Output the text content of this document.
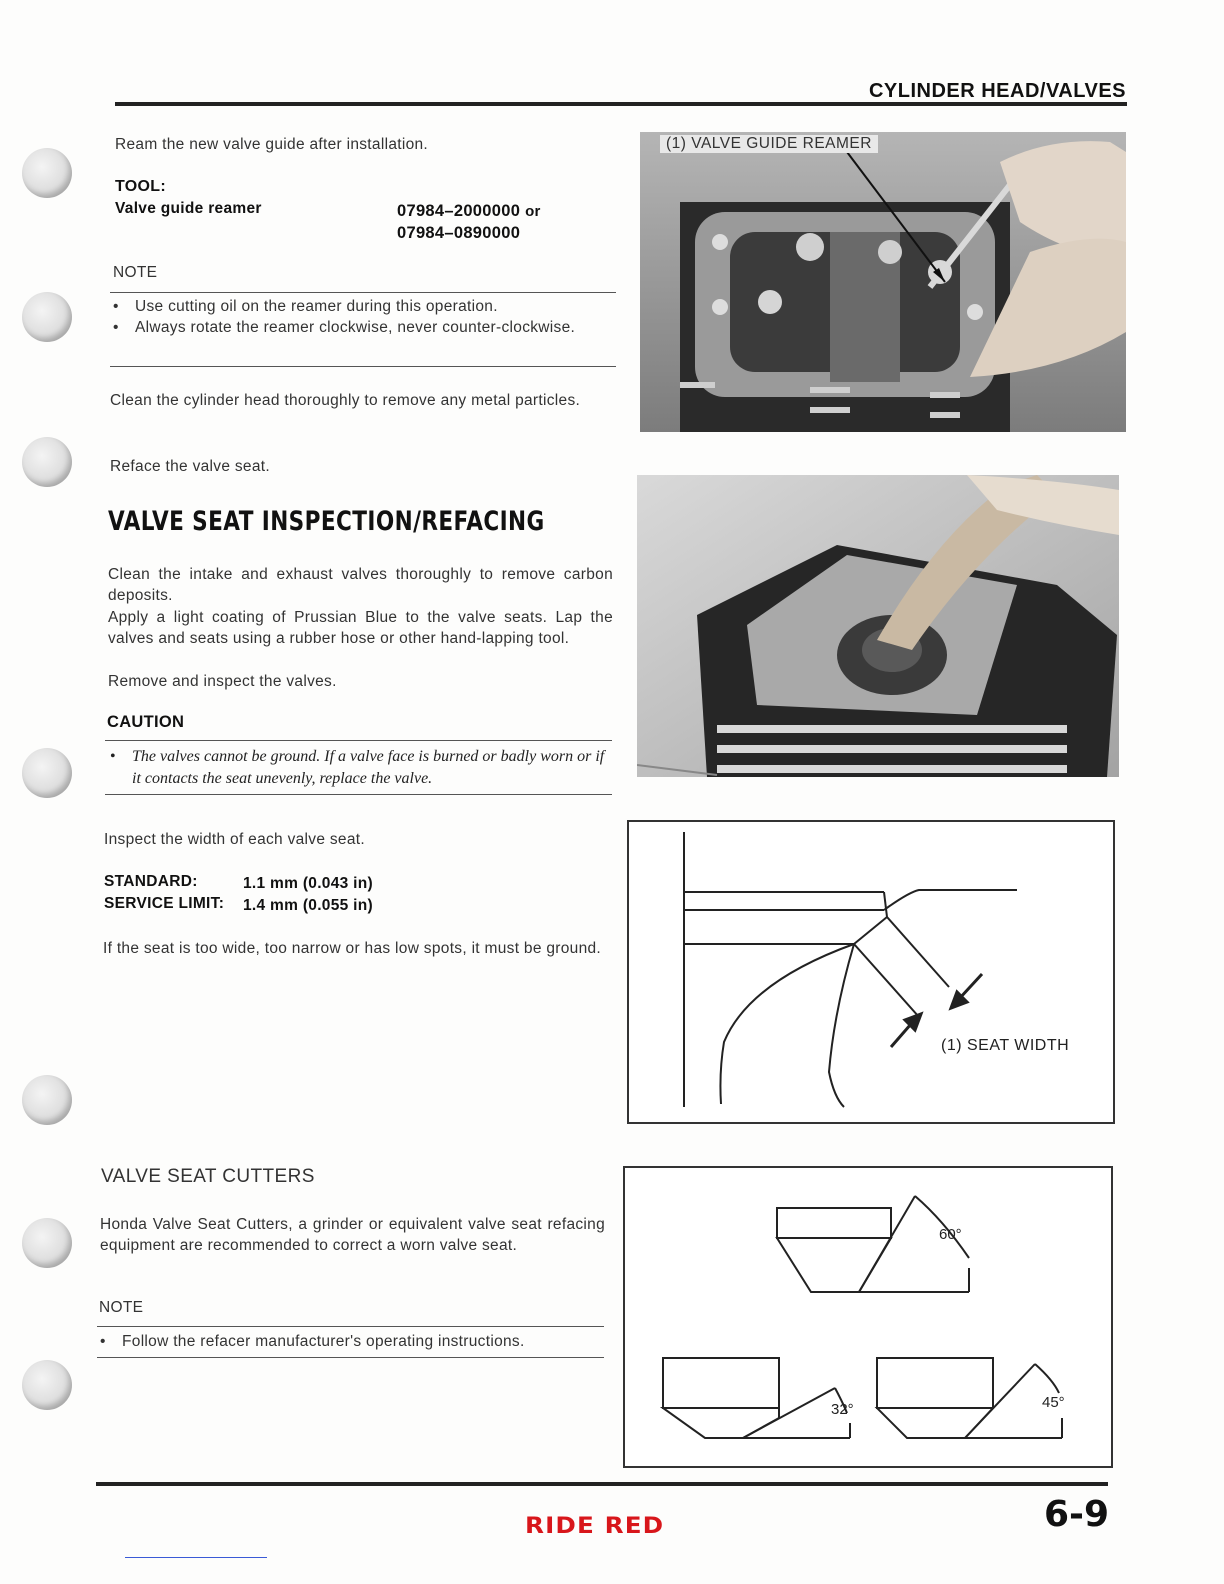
CYLINDER HEAD/VALVES
Ream the new valve guide after installation.
TOOL:
Valve guide reamer	07984–2000000 or
07984–0890000
NOTE
• Use cutting oil on the reamer during this operation.
• Always rotate the reamer clockwise, never counter-clockwise.
Clean the cylinder head thoroughly to remove any metal particles.
Reface the valve seat.
VALVE SEAT INSPECTION/REFACING
Clean the intake and exhaust valves thoroughly to remove carbon deposits.
Apply a light coating of Prussian Blue to the valve seats. Lap the valves and seats using a rubber hose or other hand-lapping tool.
Remove and inspect the valves.
CAUTION
• The valves cannot be ground. If a valve face is burned or badly worn or if it contacts the seat unevenly, replace the valve.
Inspect the width of each valve seat.
STANDARD:	1.1 mm (0.043 in)
SERVICE LIMIT: 1.4 mm (0.055 in)
If the seat is too wide, too narrow or has low spots, it must be ground.
VALVE SEAT CUTTERS
Honda Valve Seat Cutters, a grinder or equivalent valve seat refacing equipment are recommended to correct a worn valve seat.
NOTE
• Follow the refacer manufacturer's operating instructions.
(1) VALVE GUIDE REAMER
(1) SEAT WIDTH
60°
32°	45°
RIDE RED	6-9
